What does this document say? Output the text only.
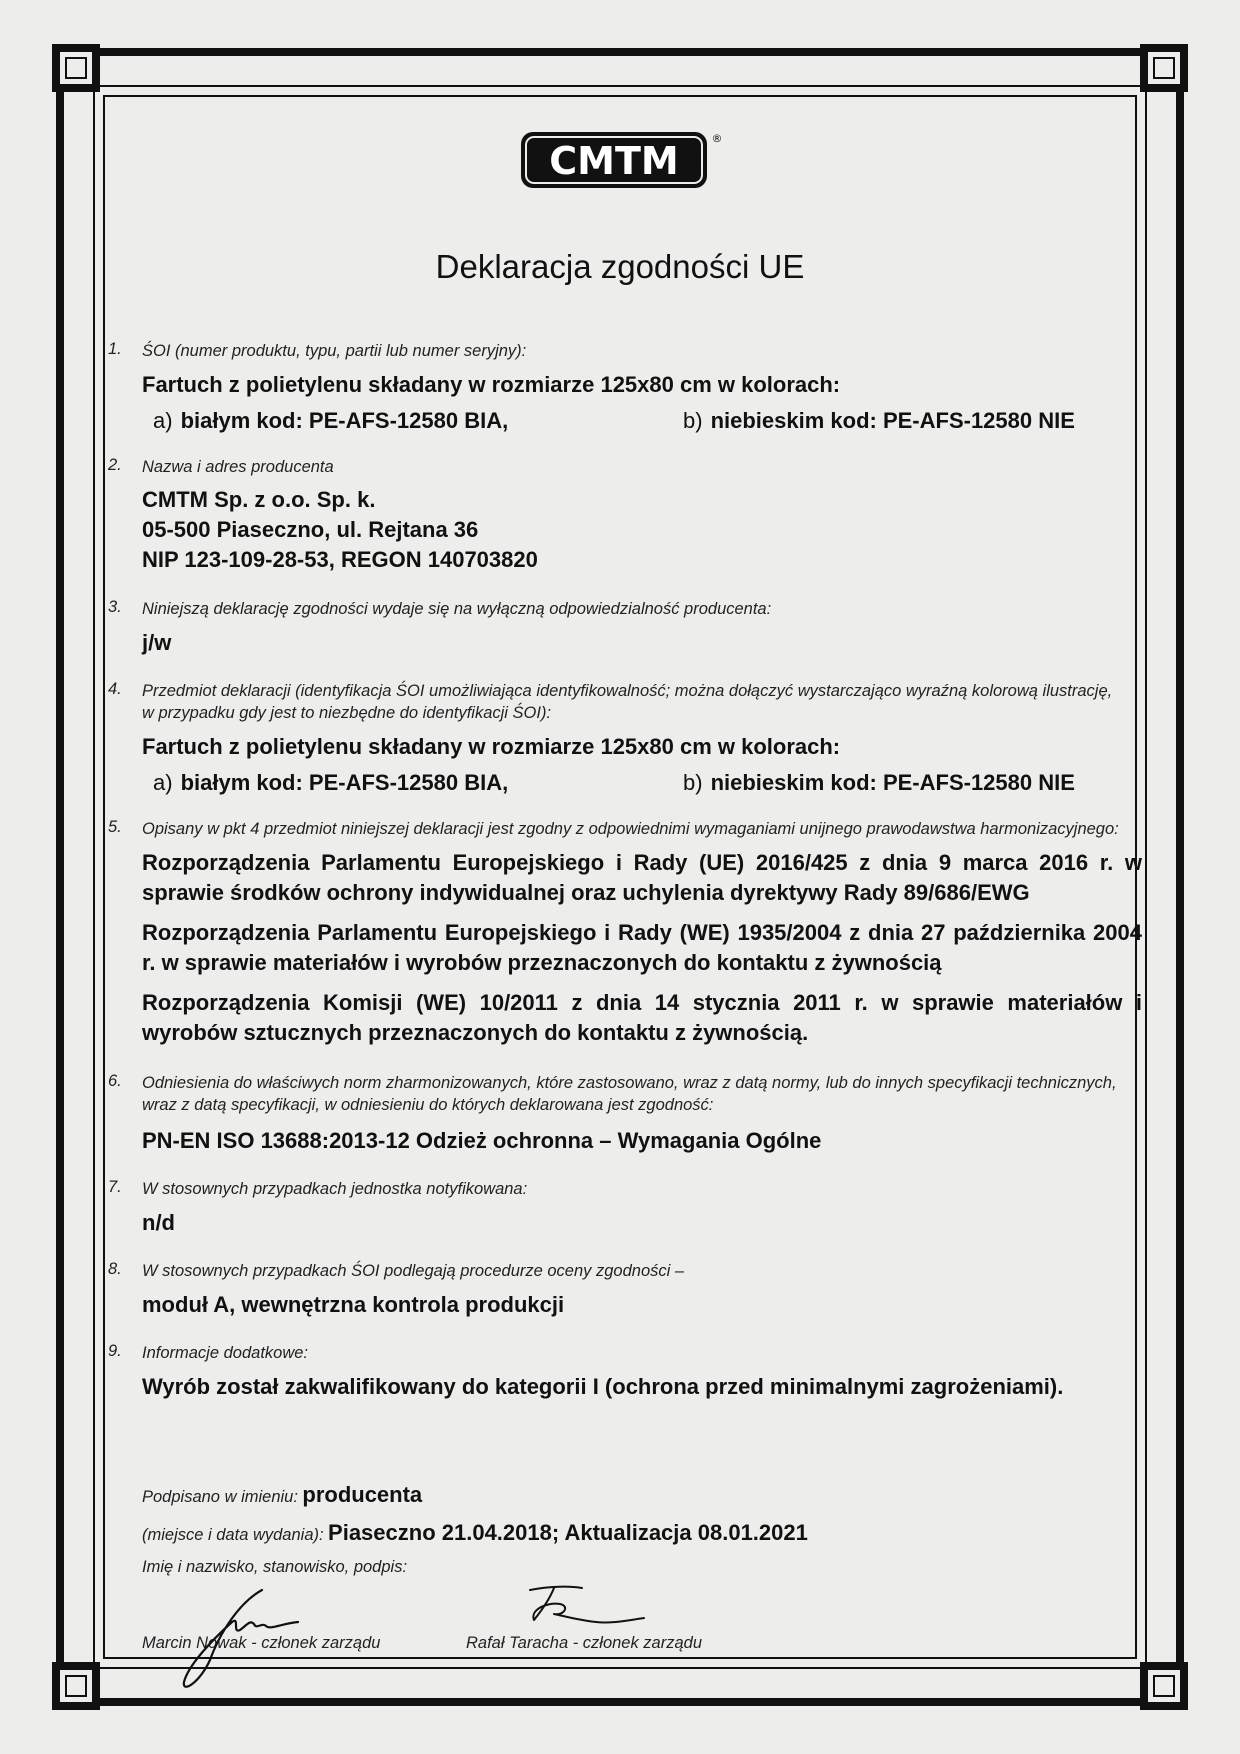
CMTM
®
Deklaracja zgodności UE
1. ŚOI (numer produktu, typu, partii lub numer seryjny):
Fartuch z polietylenu składany w rozmiarze 125x80 cm w kolorach:
a) białym kod: PE-AFS-12580 BIA,	b) niebieskim kod: PE-AFS-12580 NIE
2. Nazwa i adres producenta
CMTM Sp. z o.o. Sp. k.
05-500 Piaseczno, ul. Rejtana 36
NIP 123-109-28-53, REGON 140703820
3. Niniejszą deklarację zgodności wydaje się na wyłączną odpowiedzialność producenta:
j/w
4. Przedmiot deklaracji (identyfikacja ŚOI umożliwiająca identyfikowalność; można dołączyć wystarczająco wyraźną kolorową ilustrację,
w przypadku gdy jest to niezbędne do identyfikacji ŚOI):
Fartuch z polietylenu składany w rozmiarze 125x80 cm w kolorach:
a) białym kod: PE-AFS-12580 BIA,	b) niebieskim kod: PE-AFS-12580 NIE
5. Opisany w pkt 4 przedmiot niniejszej deklaracji jest zgodny z odpowiednimi wymaganiami unijnego prawodawstwa harmonizacyjnego:
Rozporządzenia Parlamentu Europejskiego i Rady (UE) 2016/425 z dnia 9 marca 2016 r. w sprawie środków ochrony indywidualnej oraz uchylenia dyrektywy Rady 89/686/EWG
Rozporządzenia Parlamentu Europejskiego i Rady (WE) 1935/2004 z dnia 27 października 2004 r. w sprawie materiałów i wyrobów przeznaczonych do kontaktu z żywnością
Rozporządzenia Komisji (WE) 10/2011 z dnia 14 stycznia 2011 r. w sprawie materiałów i wyrobów sztucznych przeznaczonych do kontaktu z żywnością.
6. Odniesienia do właściwych norm zharmonizowanych, które zastosowano, wraz z datą normy, lub do innych specyfikacji technicznych,
wraz z datą specyfikacji, w odniesieniu do których deklarowana jest zgodność:
PN-EN ISO 13688:2013-12 Odzież ochronna – Wymagania Ogólne
7. W stosownych przypadkach jednostka notyfikowana:
n/d
8. W stosownych przypadkach ŚOI podlegają procedurze oceny zgodności –
moduł A, wewnętrzna kontrola produkcji
9. Informacje dodatkowe:
Wyrób został zakwalifikowany do kategorii I (ochrona przed minimalnymi zagrożeniami).
Podpisano w imieniu: producenta
(miejsce i data wydania): Piaseczno 21.04.2018; Aktualizacja 08.01.2021
Imię i nazwisko, stanowisko, podpis:
Marcin Nowak - członek zarządu	Rafał Taracha - członek zarządu
